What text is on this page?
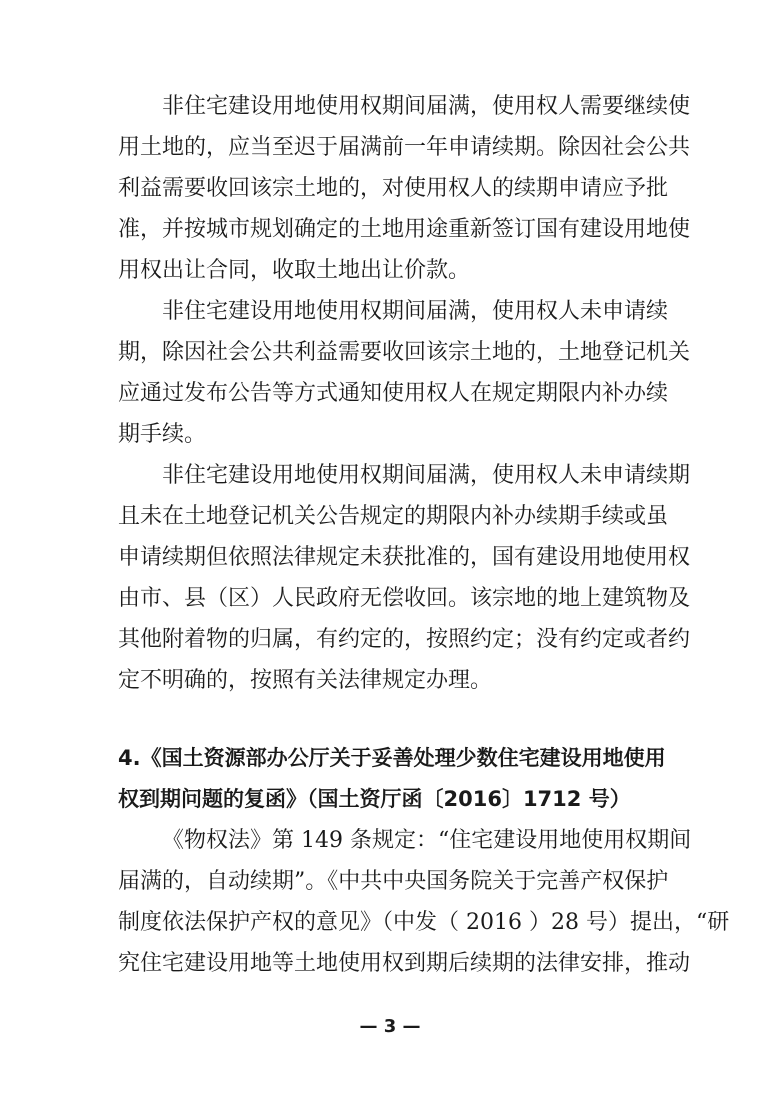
非住宅建设用地使用权期间届满，使用权人需要继续使
用土地的，应当至迟于届满前一年申请续期。除因社会公共
利益需要收回该宗土地的，对使用权人的续期申请应予批
准，并按城市规划确定的土地用途重新签订国有建设用地使
用权出让合同，收取土地出让价款。
非住宅建设用地使用权期间届满，使用权人未申请续
期，除因社会公共利益需要收回该宗土地的，土地登记机关
应通过发布公告等方式通知使用权人在规定期限内补办续
期手续。
非住宅建设用地使用权期间届满，使用权人未申请续期
且未在土地登记机关公告规定的期限内补办续期手续或虽
申请续期但依照法律规定未获批准的，国有建设用地使用权
由市、县（区）人民政府无偿收回。该宗地的地上建筑物及
其他附着物的归属，有约定的，按照约定；没有约定或者约
定不明确的，按照有关法律规定办理。
4.《国土资源部办公厅关于妥善处理少数住宅建设用地使用
权到期问题的复函》（国土资厅函〔2016〕1712 号）
《物权法》第 149 条规定：“住宅建设用地使用权期间
届满的，自动续期”。《中共中央国务院关于完善产权保护
制度依法保护产权的意见》（中发（ 2016 ）28 号）提出，“研
究住宅建设用地等土地使用权到期后续期的法律安排，推动
— 3 —
